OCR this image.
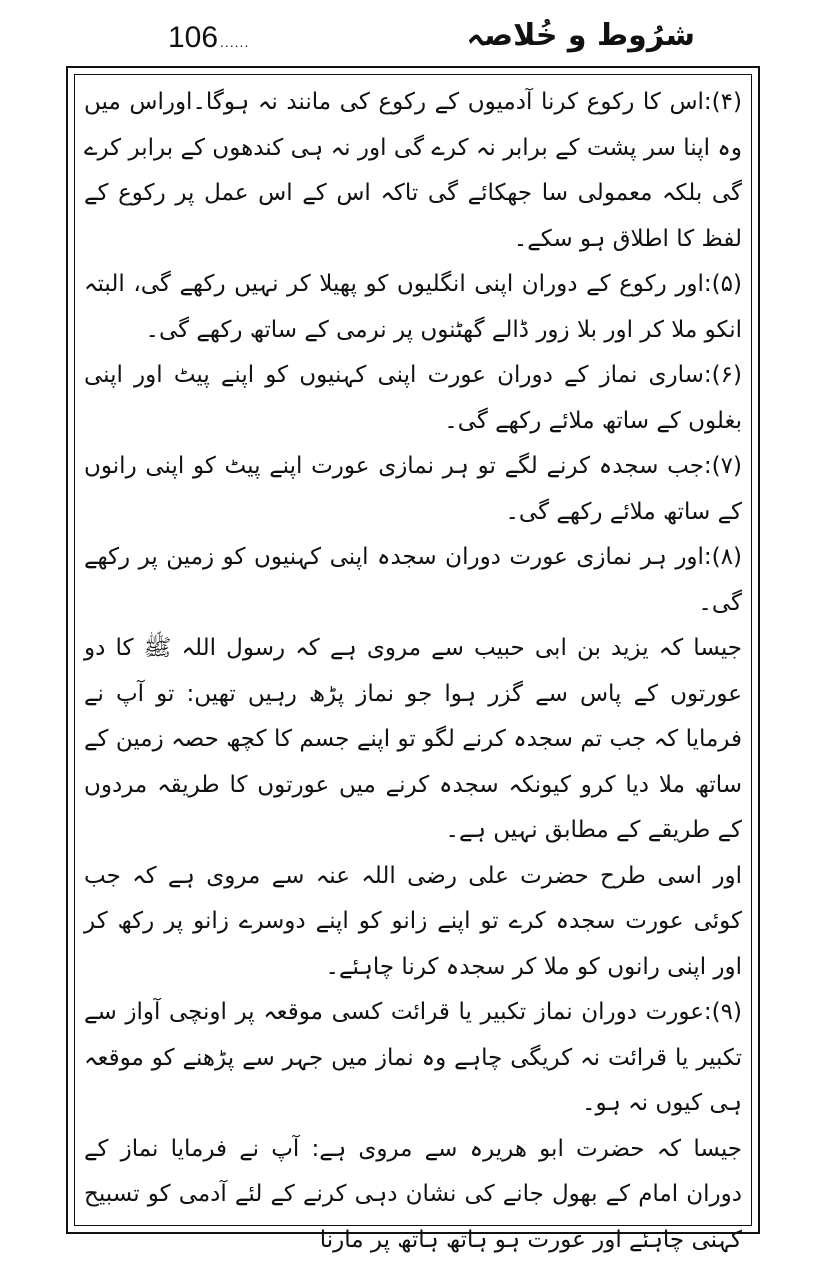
106 ......	شرُوط و خُلاصہ

(۴):اس کا رکوع کرنا آدمیوں کے رکوع کی مانند نہ ہوگا۔اوراس میں وہ اپنا سر پشت کے برابر نہ کرے گی اور نہ ہی کندھوں کے برابر کرے گی بلکہ معمولی سا جھکائے گی تاکہ اس کے اس عمل پر رکوع کے لفظ کا اطلاق ہو سکے۔

(۵):اور رکوع کے دوران اپنی انگلیوں کو پھیلا کر نہیں رکھے گی، البتہ انکو ملا کر اور بلا زور ڈالے گھٹنوں پر نرمی کے ساتھ رکھے گی۔

(۶):ساری نماز کے دوران عورت اپنی کہنیوں کو اپنے پیٹ اور اپنی بغلوں کے ساتھ ملائے رکھے گی۔

(۷):جب سجدہ کرنے لگے تو ہر نمازی عورت اپنے پیٹ کو اپنی رانوں کے ساتھ ملائے رکھے گی۔

(۸):اور ہر نمازی عورت دوران سجدہ اپنی کہنیوں کو زمین پر رکھے گی۔

جیسا کہ یزید بن ابی حبیب سے مروی ہے کہ رسول اللہ ﷺ کا دو عورتوں کے پاس سے گزر ہوا جو نماز پڑھ رہیں تھیں: تو آپ نے فرمایا کہ جب تم سجدہ کرنے لگو تو اپنے جسم کا کچھ حصہ زمین کے ساتھ ملا دیا کرو کیونکہ سجدہ کرنے میں عورتوں کا طریقہ مردوں کے طریقے کے مطابق نہیں ہے۔

اور اسی طرح حضرت علی رضی اللہ عنہ سے مروی ہے کہ جب کوئی عورت سجدہ کرے تو اپنے زانو کو اپنے دوسرے زانو پر رکھ کر اور اپنی رانوں کو ملا کر سجدہ کرنا چاہئے۔

(۹):عورت دوران نماز تکبیر یا قرائت کسی موقعہ پر اونچی آواز سے تکبیر یا قرائت نہ کریگی چاہے وہ نماز میں جہر سے پڑھنے کو موقعہ ہی کیوں نہ ہو۔

جیسا کہ حضرت ابو ھریرہ سے مروی ہے: آپ نے فرمایا نماز کے دوران امام کے بھول جانے کی نشان دہی کرنے کے لئے آدمی کو تسبیح کہنی چاہئے اور عورت ہو ہاتھ ہاتھ پر مارنا
